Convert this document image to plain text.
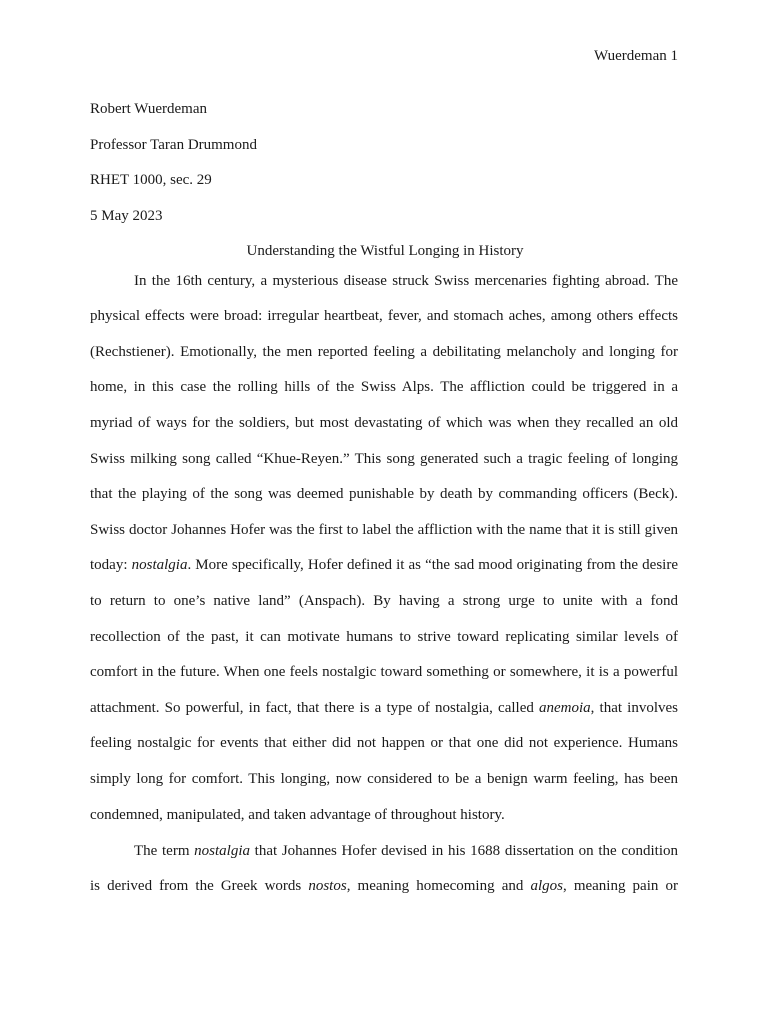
Wuerdeman 1
Robert Wuerdeman
Professor Taran Drummond
RHET 1000, sec. 29
5 May 2023
Understanding the Wistful Longing in History
In the 16th century, a mysterious disease struck Swiss mercenaries fighting abroad. The
physical effects were broad: irregular heartbeat, fever, and stomach aches, among others effects
(Rechstiener). Emotionally, the men reported feeling a debilitating melancholy and longing for
home, in this case the rolling hills of the Swiss Alps. The affliction could be triggered in a
myriad of ways for the soldiers, but most devastating of which was when they recalled an old
Swiss milking song called “Khue-Reyen.” This song generated such a tragic feeling of longing
that the playing of the song was deemed punishable by death by commanding officers (Beck).
Swiss doctor Johannes Hofer was the first to label the affliction with the name that it is still given
today: nostalgia. More specifically, Hofer defined it as “the sad mood originating from the desire
to return to one’s native land” (Anspach). By having a strong urge to unite with a fond
recollection of the past, it can motivate humans to strive toward replicating similar levels of
comfort in the future. When one feels nostalgic toward something or somewhere, it is a powerful
attachment. So powerful, in fact, that there is a type of nostalgia, called anemoia, that involves
feeling nostalgic for events that either did not happen or that one did not experience. Humans
simply long for comfort. This longing, now considered to be a benign warm feeling, has been
condemned, manipulated, and taken advantage of throughout history.
The term nostalgia that Johannes Hofer devised in his 1688 dissertation on the condition
is derived from the Greek words nostos, meaning homecoming and algos, meaning pain or
